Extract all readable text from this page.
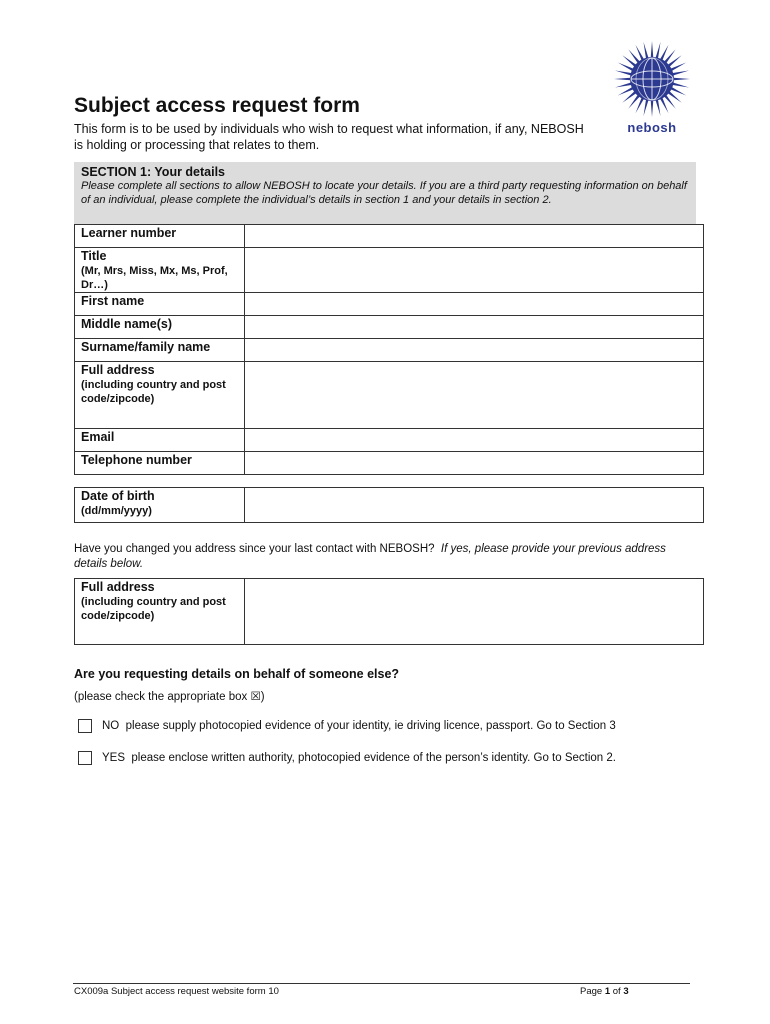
Subject access request form
This form is to be used by individuals who wish to request what information, if any, NEBOSH is holding or processing that relates to them.
nebosh
SECTION 1: Your details
Please complete all sections to allow NEBOSH to locate your details. If you are a third party requesting information on behalf of an individual, please complete the individual’s details in section 1 and your details in section 2.
Learner number	
Title
(Mr, Mrs, Miss, Mx, Ms, Prof, Dr…)	

First name	
Middle name(s)	
Surname/family name	
Full address
(including country and post code/zipcode)	

Email	
Telephone number	
Date of birth
(dd/mm/yyyy)

Have you changed you address since your last contact with NEBOSH? If yes, please provide your previous address details below.
Full address
(including country and post code/zipcode)

Are you requesting details on behalf of someone else?
(please check the appropriate box ☒)
NO please supply photocopied evidence of your identity, ie driving licence, passport. Go to Section 3
YES please enclose written authority, photocopied evidence of the person’s identity. Go to Section 2.
CX009a Subject access request website form 10	Page 1 of 3
